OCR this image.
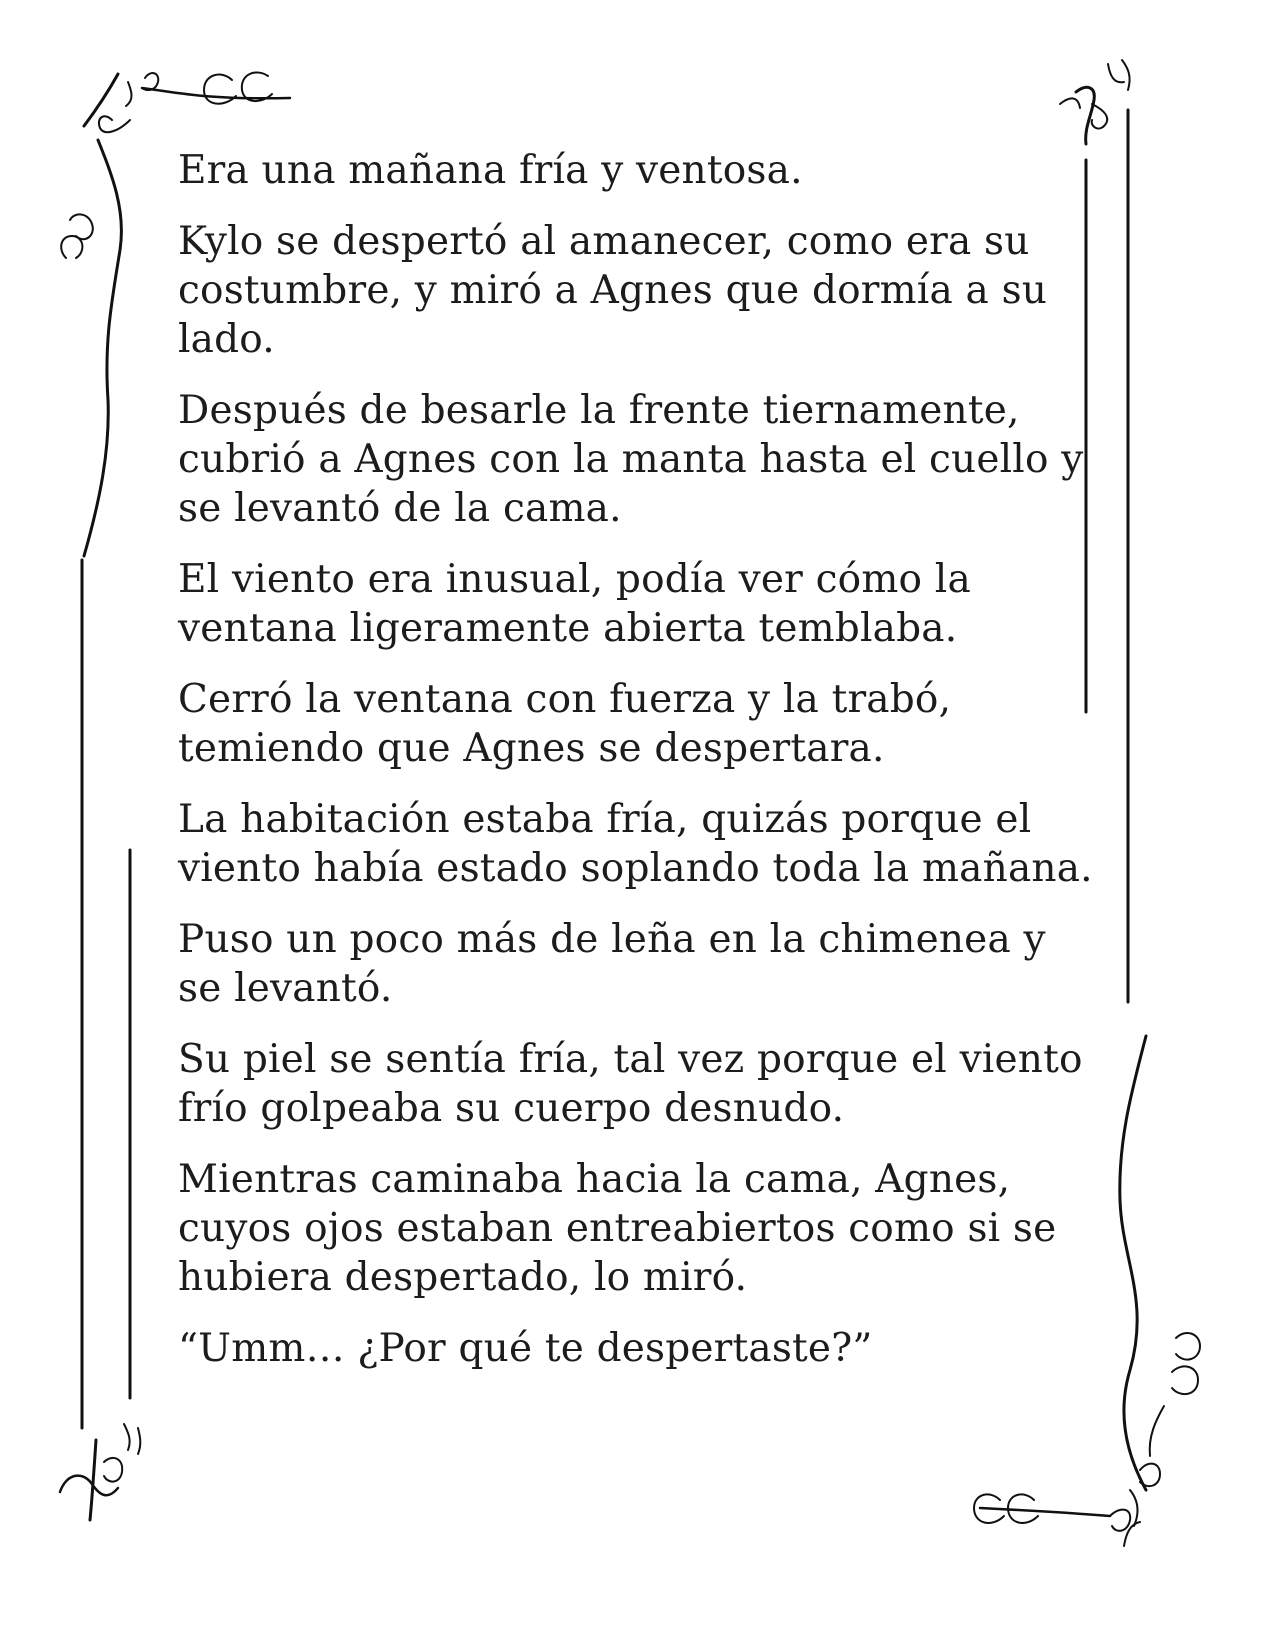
Era una mañana fría y ventosa.

Kylo se despertó al amanecer, como era su costumbre, y miró a Agnes que dormía a su lado.

Después de besarle la frente tiernamente, cubrió a Agnes con la manta hasta el cuello y se levantó de la cama.

El viento era inusual, podía ver cómo la ventana ligeramente abierta temblaba.

Cerró la ventana con fuerza y la trabó, temiendo que Agnes se despertara.

La habitación estaba fría, quizás porque el viento había estado soplando toda la mañana.

Puso un poco más de leña en la chimenea y se levantó.

Su piel se sentía fría, tal vez porque el viento frío golpeaba su cuerpo desnudo.

Mientras caminaba hacia la cama, Agnes, cuyos ojos estaban entreabiertos como si se hubiera despertado, lo miró.

“Umm… ¿Por qué te despertaste?”
